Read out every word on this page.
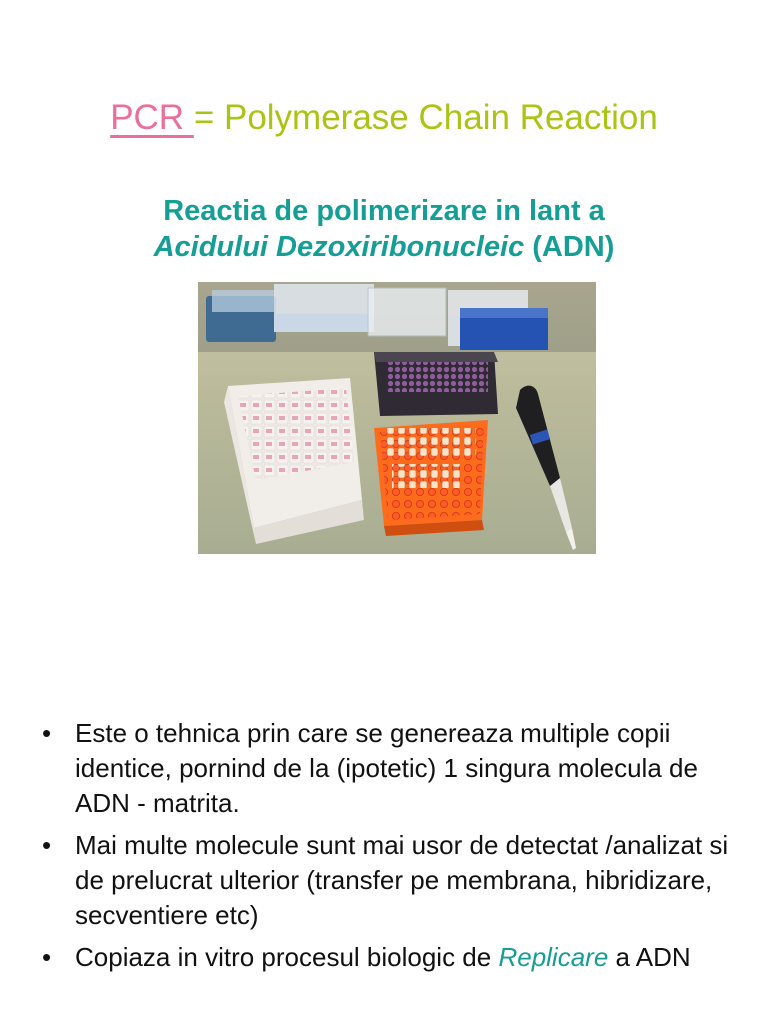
PCR = Polymerase Chain Reaction
Reactia de polimerizare in lant a
Acidului Dezoxiribonucleic (ADN)
• Este o tehnica prin care se genereaza multiple copii identice, pornind de la (ipotetic) 1 singura molecula de ADN - matrita.
• Mai multe molecule sunt mai usor de detectat /analizat si de prelucrat ulterior (transfer pe membrana, hibridizare, secventiere etc)
• Copiaza in vitro procesul biologic de Replicare a ADN
